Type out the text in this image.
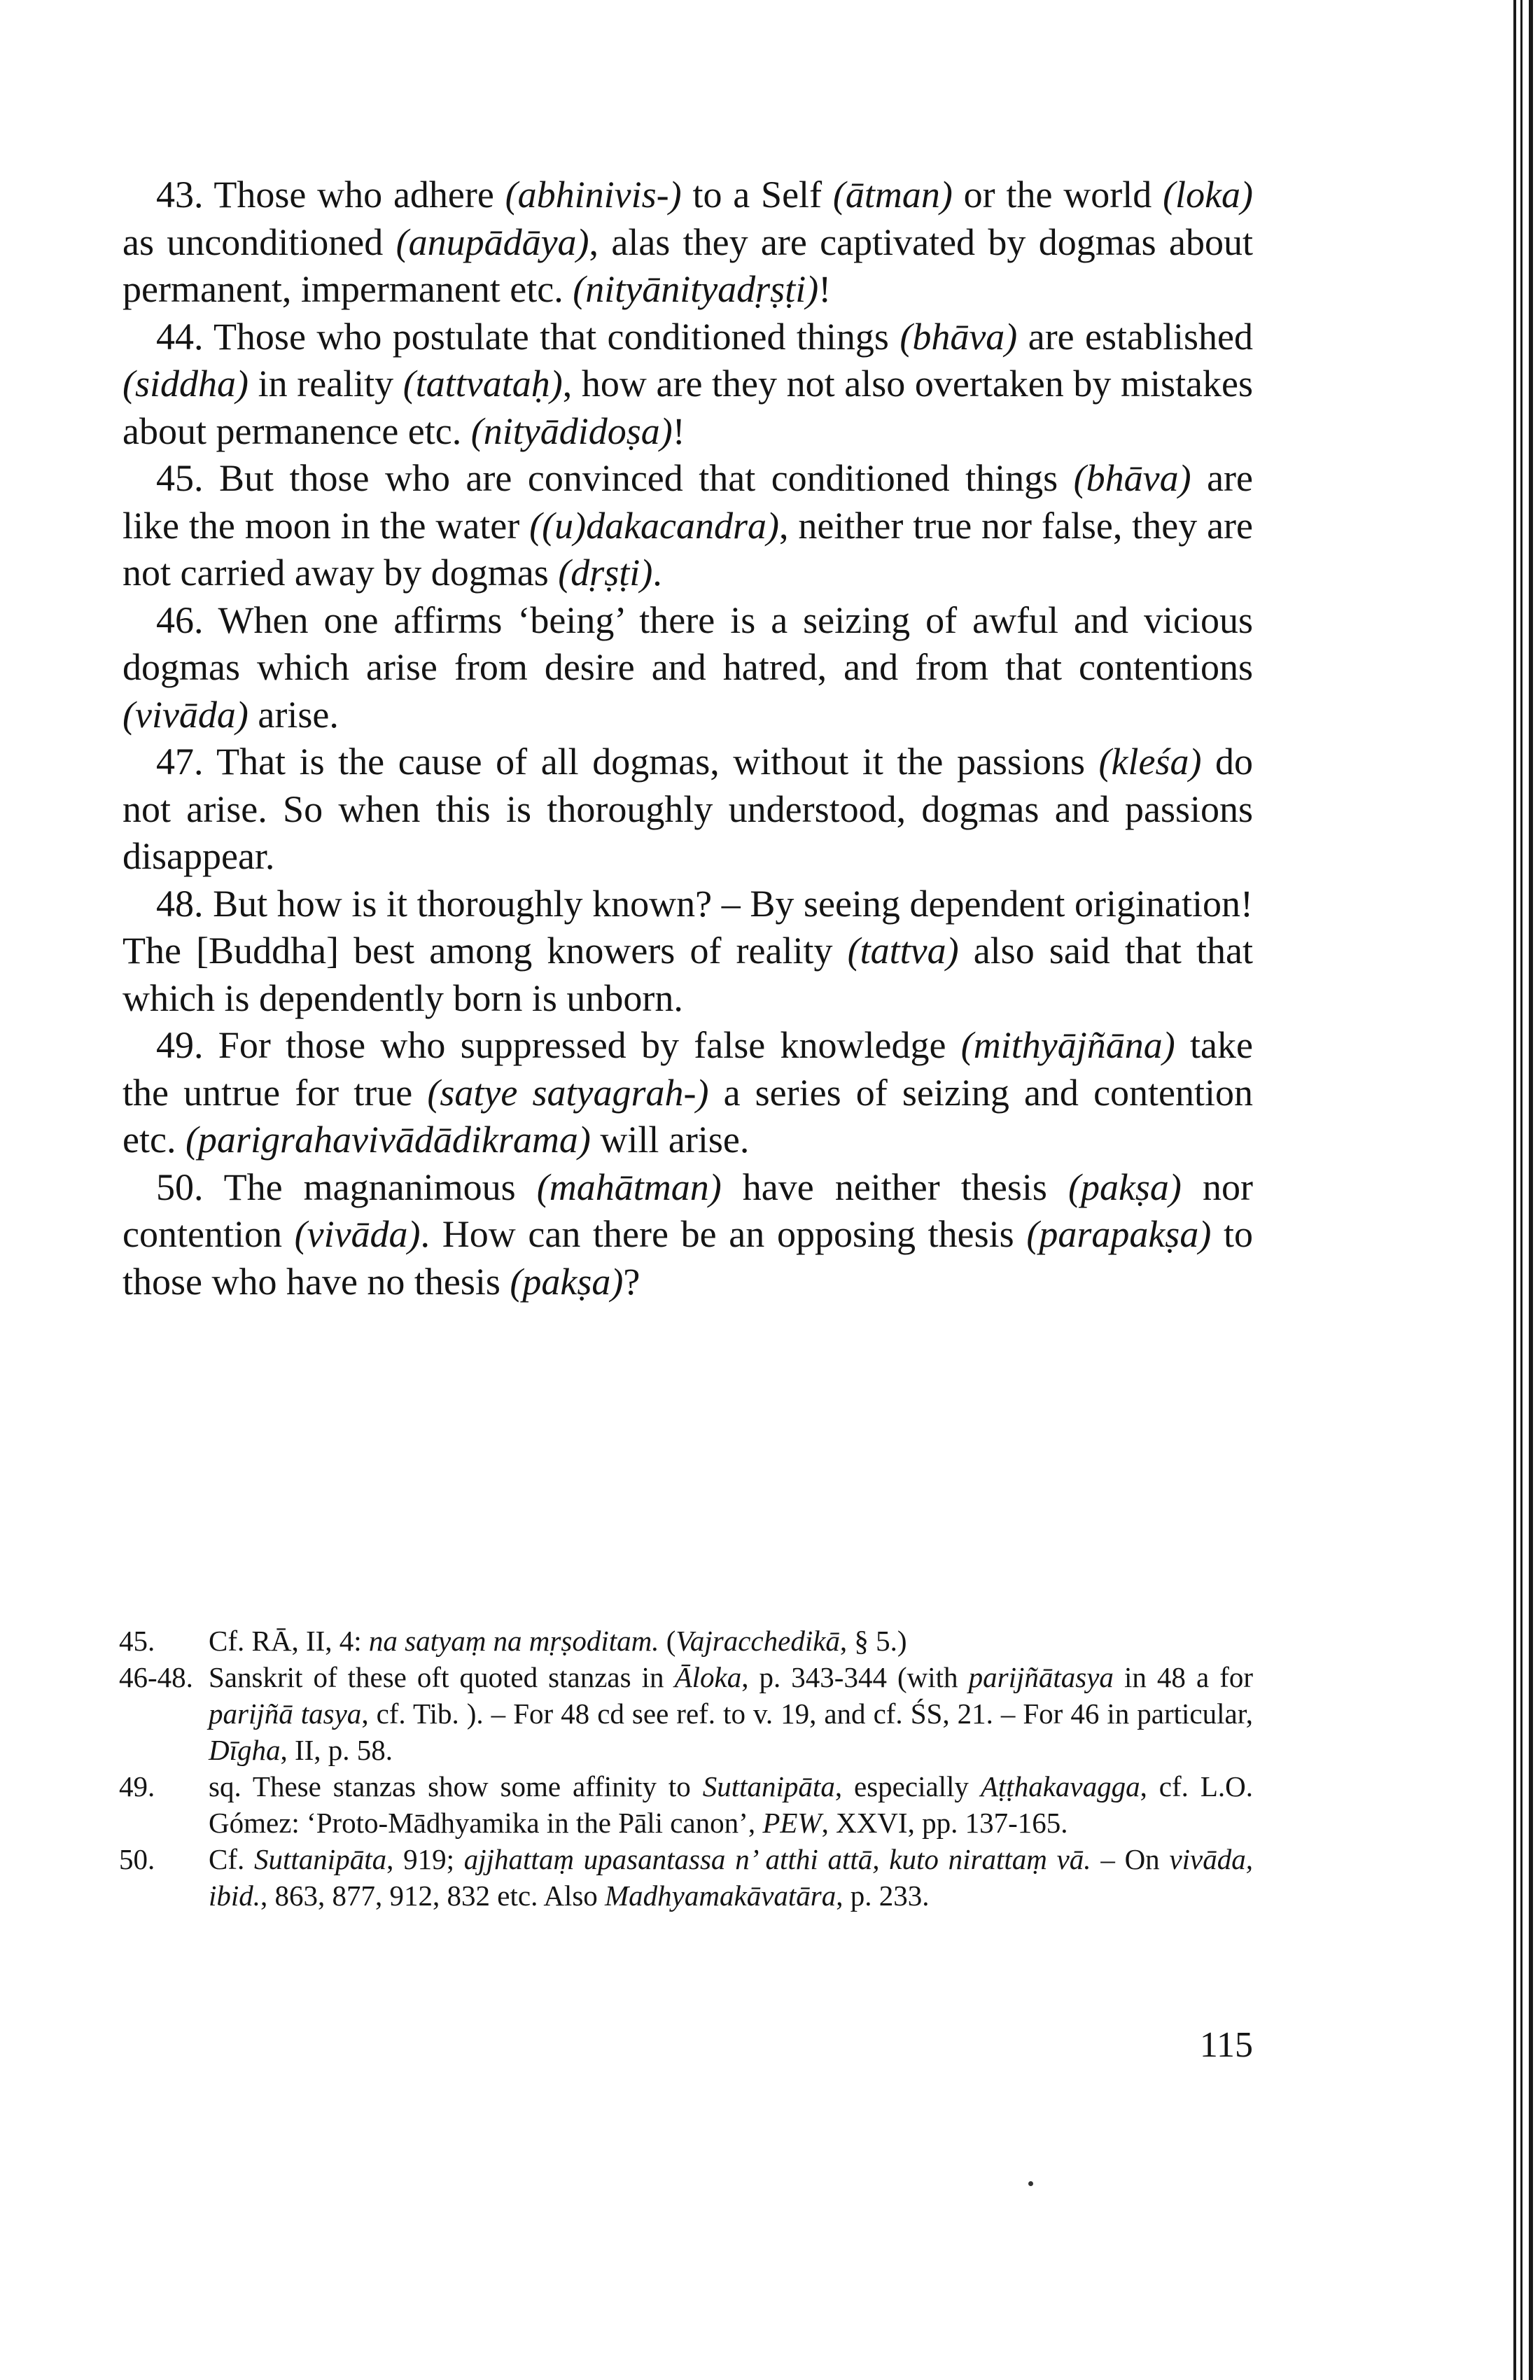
43. Those who adhere (abhinivis-) to a Self (ātman) or the world (loka) as unconditioned (anupādāya), alas they are captivated by dogmas about permanent, impermanent etc. (nityānityadṛṣṭi)!

44. Those who postulate that conditioned things (bhāva) are established (siddha) in reality (tattvataḥ), how are they not also overtaken by mistakes about permanence etc. (nityādidoṣa)!

45. But those who are convinced that conditioned things (bhāva) are like the moon in the water ((u)dakacandra), neither true nor false, they are not carried away by dogmas (dṛṣṭi).

46. When one affirms ‘being’ there is a seizing of awful and vicious dogmas which arise from desire and hatred, and from that contentions (vivāda) arise.

47. That is the cause of all dogmas, without it the passions (kleśa) do not arise. So when this is thoroughly understood, dogmas and passions disappear.

48. But how is it thoroughly known? – By seeing dependent origination! The [Buddha] best among knowers of reality (tattva) also said that that which is dependently born is unborn.

49. For those who suppressed by false knowledge (mithyājñāna) take the untrue for true (satye satyagrah-) a series of seizing and contention etc. (parigrahavivādādikrama) will arise.

50. The magnanimous (mahātman) have neither thesis (pakṣa) nor contention (vivāda). How can there be an opposing thesis (parapakṣa) to those who have no thesis (pakṣa)?

45. Cf. RĀ, II, 4: na satyaṃ na mṛṣoditam. (Vajracchedikā, § 5.)
46-48. Sanskrit of these oft quoted stanzas in Āloka, p. 343-344 (with parijñātasya in 48 a for parijñā tasya, cf. Tib. ). – For 48 cd see ref. to v. 19, and cf. ŚS, 21. – For 46 in particular, Dīgha, II, p. 58.
49. sq. These stanzas show some affinity to Suttanipāta, especially Aṭṭhakavagga, cf. L.O. Gómez: ‘Proto-Mādhyamika in the Pāli canon’, PEW, XXVI, pp. 137-165.
50. Cf. Suttanipāta, 919; ajjhattaṃ upasantassa n’ atthi attā, kuto nirattaṃ vā. – On vivāda, ibid., 863, 877, 912, 832 etc. Also Madhyamakāvatāra, p. 233.
115
